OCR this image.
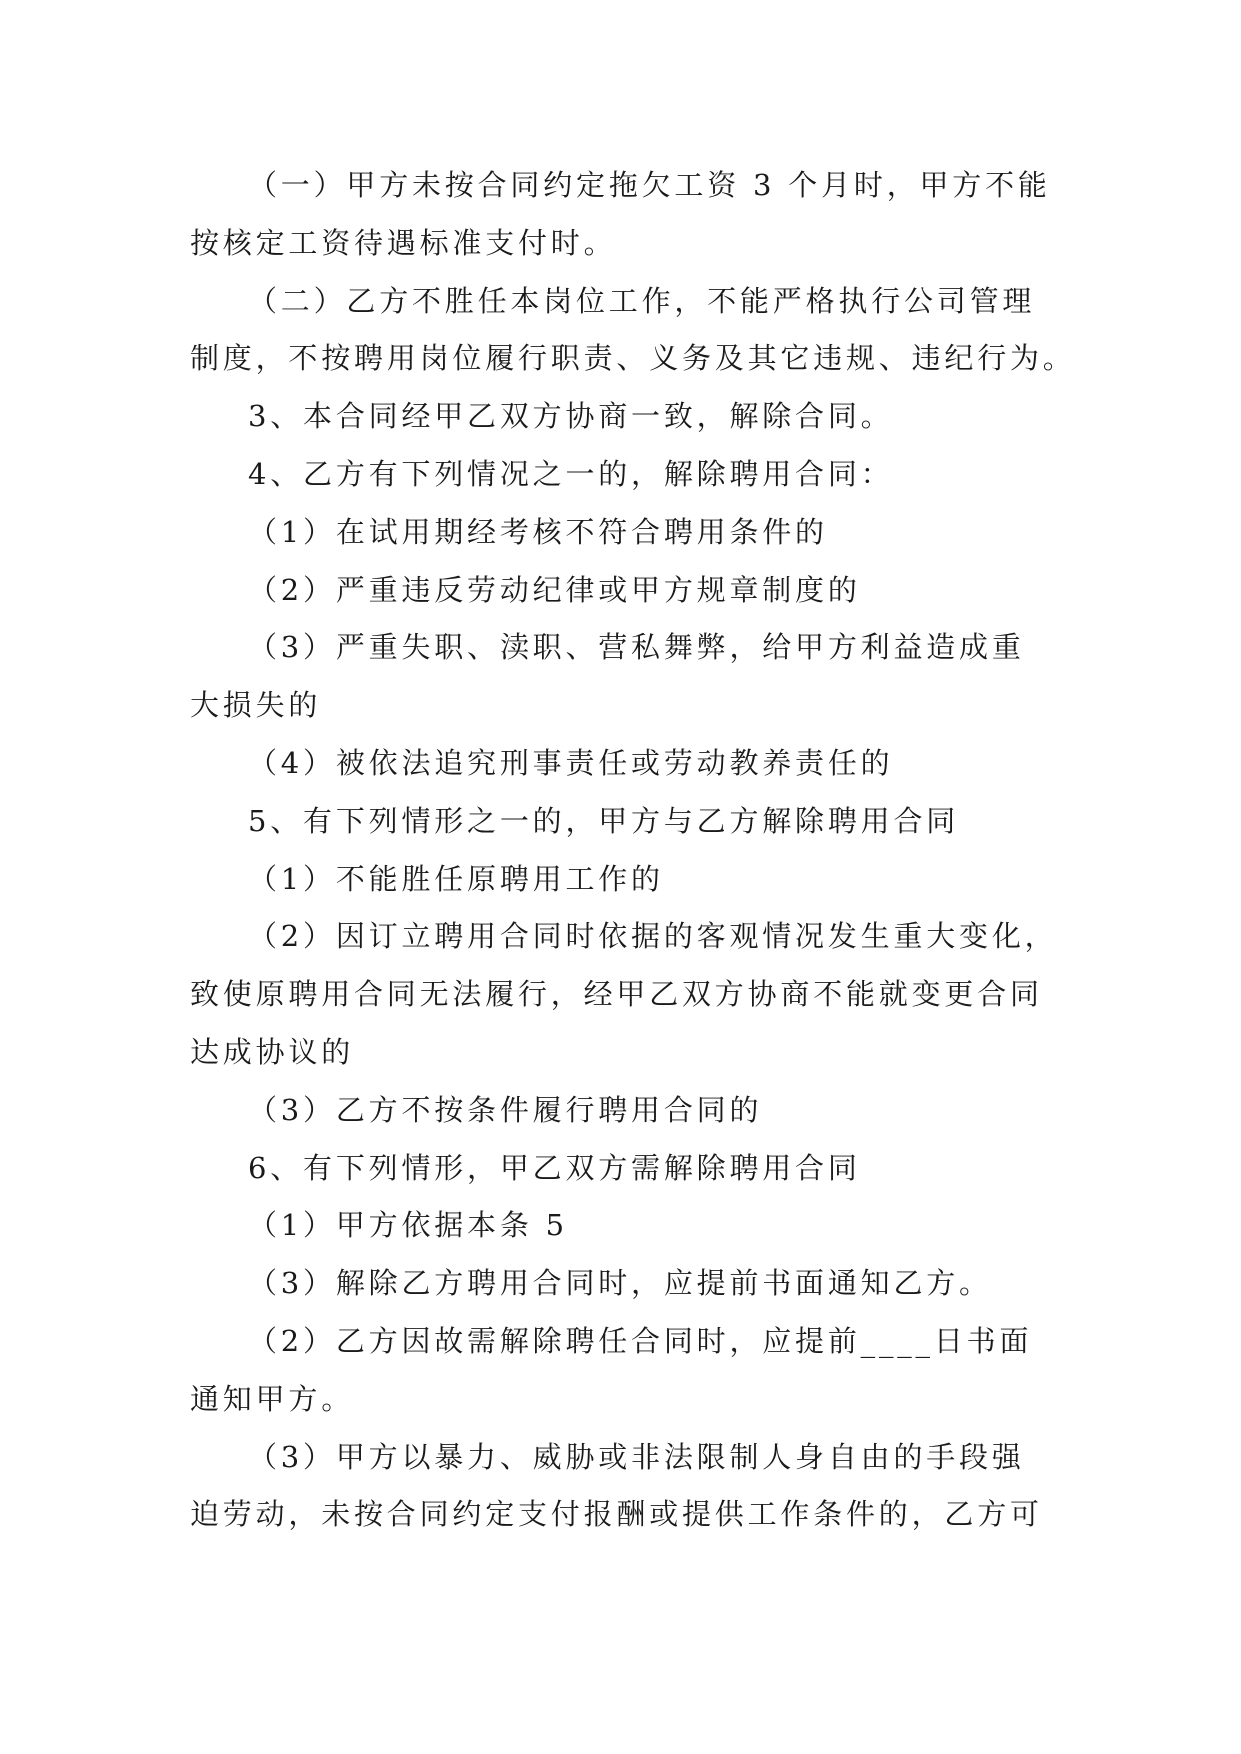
（一）甲方未按合同约定拖欠工资 3 个月时，甲方不能
按核定工资待遇标准支付时。

（二）乙方不胜任本岗位工作，不能严格执行公司管理
制度，不按聘用岗位履行职责、义务及其它违规、违纪行为。

3、本合同经甲乙双方协商一致，解除合同。

4、乙方有下列情况之一的，解除聘用合同：

（1）在试用期经考核不符合聘用条件的

（2）严重违反劳动纪律或甲方规章制度的

（3）严重失职、渎职、营私舞弊，给甲方利益造成重
大损失的

（4）被依法追究刑事责任或劳动教养责任的

5、有下列情形之一的，甲方与乙方解除聘用合同

（1）不能胜任原聘用工作的

（2）因订立聘用合同时依据的客观情况发生重大变化，
致使原聘用合同无法履行，经甲乙双方协商不能就变更合同
达成协议的

（3）乙方不按条件履行聘用合同的

6、有下列情形，甲乙双方需解除聘用合同

（1）甲方依据本条 5

（3）解除乙方聘用合同时，应提前书面通知乙方。

（2）乙方因故需解除聘任合同时，应提前____日书面
通知甲方。

（3）甲方以暴力、威胁或非法限制人身自由的手段强
迫劳动，未按合同约定支付报酬或提供工作条件的，乙方可
